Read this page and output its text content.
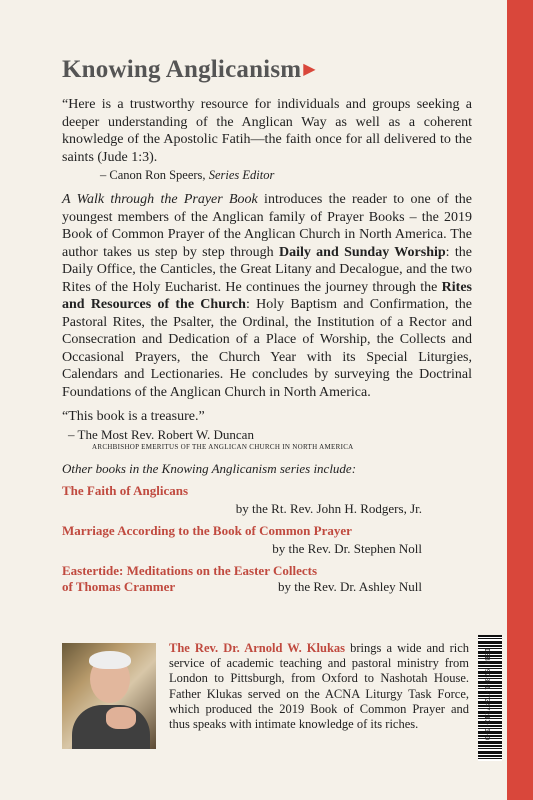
Knowing Anglicanism ▶
“Here is a trustworthy resource for individuals and groups seeking a deeper understanding of the Anglican Way as well as a coherent knowledge of the Apostolic Fatih—the faith once for all delivered to the saints (Jude 1:3).
– Canon Ron Speers, Series Editor
A Walk through the Prayer Book introduces the reader to one of the youngest members of the Anglican family of Prayer Books – the 2019 Book of Common Prayer of the Anglican Church in North America. The author takes us step by step through Daily and Sunday Worship: the Daily Office, the Canticles, the Great Litany and Decalogue, and the two Rites of the Holy Eucharist. He continues the journey through the Rites and Resources of the Church: Holy Baptism and Confirmation, the Pastoral Rites, the Psalter, the Ordinal, the Institution of a Rector and Consecration and Dedication of a Place of Worship, the Collects and Occasional Prayers, the Church Year with its Special Liturgies, Calendars and Lectionaries. He concludes by surveying the Doctrinal Foundations of the Anglican Church in North America.
“This book is a treasure.”
– The Most Rev. Robert W. Duncan
ARCHBISHOP EMERITUS OF THE ANGLICAN CHURCH IN NORTH AMERICA
Other books in the Knowing Anglicanism series include:
The Faith of Anglicans
by the Rt. Rev. John H. Rodgers, Jr.
Marriage According to the Book of Common Prayer
by the Rev. Dr. Stephen Noll
Eastertide: Meditations on the Easter Collects
of Thomas Cranmer	by the Rev. Dr. Ashley Null
The Rev. Dr. Arnold W. Klukas brings a wide and rich service of academic teaching and pastoral ministry from London to Pittsburgh, from Oxford to Nashotah House. Father Klukas served on the ACNA Liturgy Task Force, which produced the 2019 Book of Common Prayer and thus speaks with intimate knowledge of its riches.	ISBN 978-1-7347213-6-0
